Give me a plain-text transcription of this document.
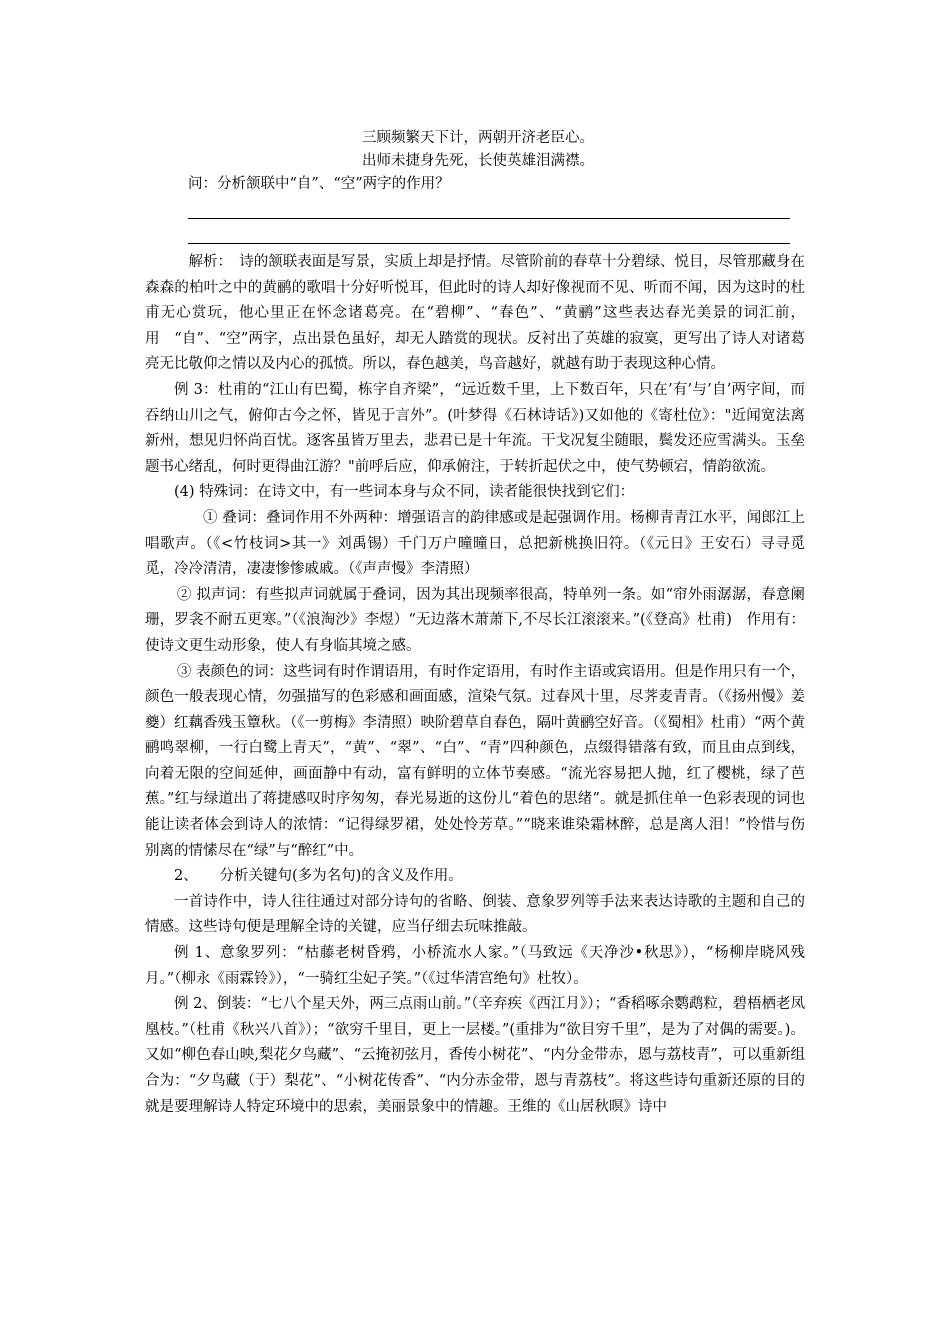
三顾频繁天下计，两朝开济老臣心。
出师未捷身先死，长使英雄泪满襟。
问：分析颔联中“自”、“空”两字的作用？

解析：　诗的颔联表面是写景，实质上却是抒情。尽管阶前的春草十分碧绿、悦目，尽管那藏身在森森的柏叶之中的黄鹂的歌唱十分好听悦耳，但此时的诗人却好像视而不见、听而不闻，因为这时的杜甫无心赏玩，他心里正在怀念诸葛亮。在“碧柳”、“春色”、“黄鹂”这些表达春光美景的词汇前，用　“自”、“空”两字，点出景色虽好，却无人踏赏的现状。反衬出了英雄的寂寞，更写出了诗人对诸葛亮无比敬仰之情以及内心的孤愤。所以，春色越美，鸟音越好，就越有助于表现这种心情。

例 3：杜甫的“江山有巴蜀，栋字自齐梁”，“远近数千里，上下数百年，只在’有’与’自’两字间，而吞纳山川之气，俯仰古今之怀，皆见于言外”。(叶梦得《石林诗话》)又如他的《寄杜位》："近闻宽法离新州，想见归怀尚百忧。逐客虽皆万里去，悲君已是十年流。干戈况复尘随眼，鬓发还应雪满头。玉垒题书心绪乱，何时更得曲江游？"前呼后应，仰承俯注，于转折起伏之中，使气势顿宕，情韵欲流。

(4) 特殊词：在诗文中，有一些词本身与众不同，读者能很快找到它们：

① 叠词：叠词作用不外两种：增强语言的韵律感或是起强调作用。杨柳青青江水平，闻郎江上唱歌声。（《<竹枝词>其一》刘禹锡）千门万户曈曈日，总把新桃换旧符。（《元日》王安石）寻寻觅觅，冷冷清清，凄凄惨惨戚戚。（《声声慢》李清照）

② 拟声词：有些拟声词就属于叠词，因为其出现频率很高，特单列一条。如“帘外雨潺潺，春意阑珊，罗衾不耐五更寒。”（《浪淘沙》李煜）“无边落木萧萧下,不尽长江滚滚来。”(《登高》杜甫)　作用有：使诗文更生动形象，使人有身临其境之感。

③ 表颜色的词：这些词有时作谓语用，有时作定语用，有时作主语或宾语用。但是作用只有一个，颜色一般表现心情，勿强描写的色彩感和画面感，渲染气氛。过春风十里，尽荠麦青青。（《扬州慢》姜夔）红藕香残玉簟秋。（《一剪梅》李清照）映阶碧草自春色，隔叶黄鹂空好音。（《蜀相》杜甫）“两个黄鹂鸣翠柳，一行白鹭上青天”，“黄”、“翠”、“白”、“青”四种颜色，点缀得错落有致，而且由点到线，向着无限的空间延伸，画面静中有动，富有鲜明的立体节奏感。“流光容易把人抛，红了樱桃，绿了芭蕉。”红与绿道出了蒋捷感叹时序匆匆，春光易逝的这份儿“着色的思绪”。就是抓住单一色彩表现的词也能让读者体会到诗人的浓情：“记得绿罗裙，处处怜芳草。”“晓来谁染霜林醉，总是离人泪！”怜惜与伤别离的情愫尽在“绿”与“醉红”中。

2、　　分析关键句(多为名句)的含义及作用。

一首诗作中，诗人往往通过对部分诗句的省略、倒装、意象罗列等手法来表达诗歌的主题和自己的情感。这些诗句便是理解全诗的关键，应当仔细去玩味推敲。

例 1、意象罗列：“枯藤老树昏鸦，小桥流水人家。”（马致远《天净沙•秋思》），“杨柳岸晓风残月。”（柳永《雨霖铃》），“一骑红尘妃子笑。”（《过华清宫绝句》杜牧）。

例 2、倒装：“七八个星天外，两三点雨山前。”（辛弃疾《西江月》）；“香稻啄余鹦鹉粒，碧梧栖老凤凰枝。”（杜甫《秋兴八首》）；“欲穷千里目，更上一层楼。”(重排为“欲目穷千里”，是为了对偶的需要。)。又如“柳色春山映,梨花夕鸟藏”、“云掩初弦月，香传小树花”、“内分金带赤，恩与荔枝青”，可以重新组合为：“夕鸟藏（于）梨花”、“小树花传香”、“内分赤金带，恩与青荔枝”。将这些诗句重新还原的目的就是要理解诗人特定环境中的思索，美丽景象中的情趣。王维的《山居秋暝》诗中
